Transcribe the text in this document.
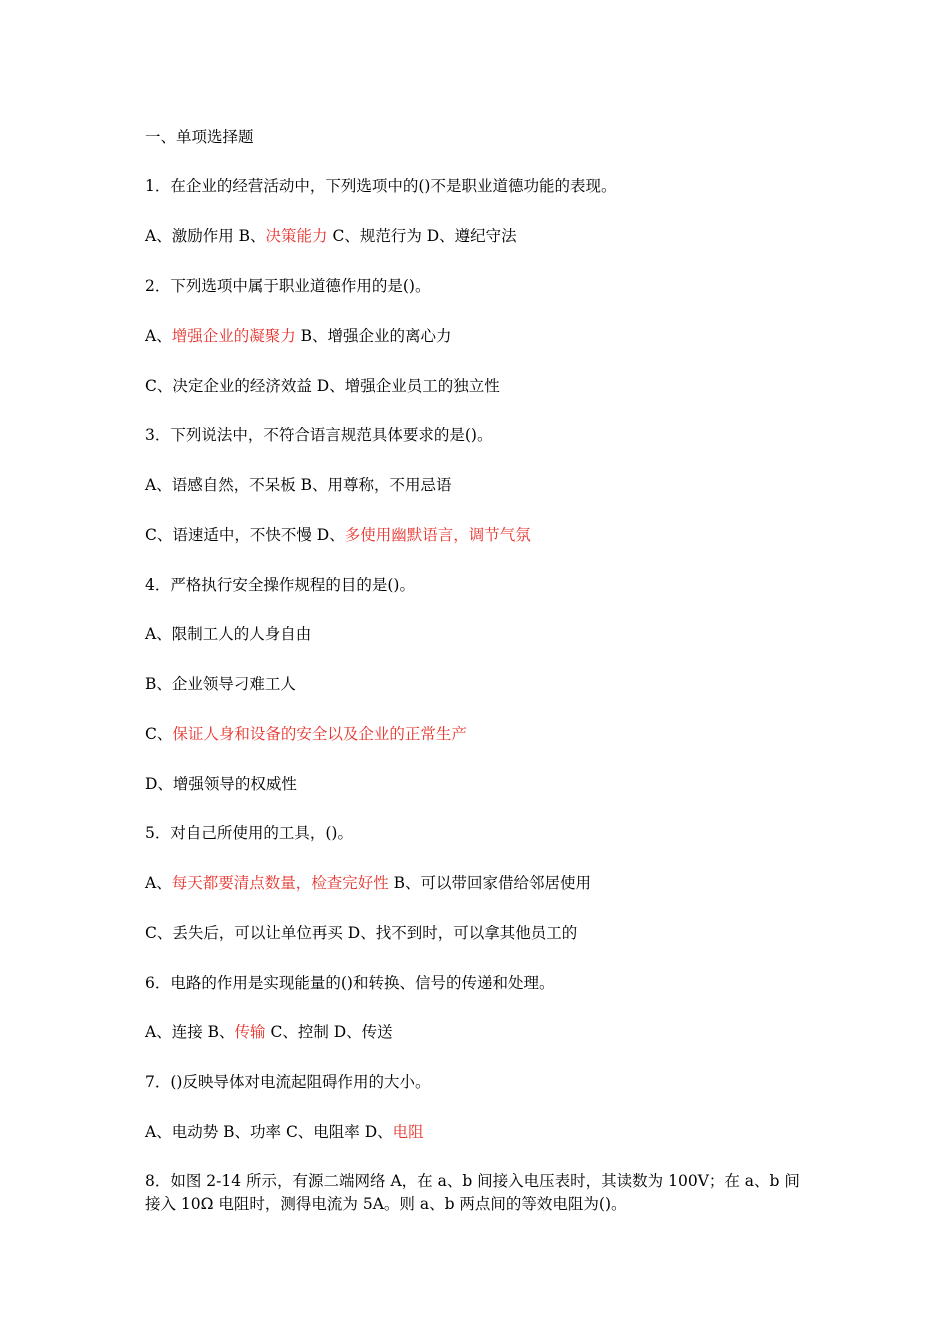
一、单项选择题
1．在企业的经营活动中，下列选项中的()不是职业道德功能的表现。
A、激励作用 B、决策能力 C、规范行为 D、遵纪守法
2．下列选项中属于职业道德作用的是()。
A、增强企业的凝聚力 B、增强企业的离心力
C、决定企业的经济效益 D、增强企业员工的独立性
3．下列说法中，不符合语言规范具体要求的是()。
A、语感自然，不呆板 B、用尊称，不用忌语
C、语速适中，不快不慢 D、多使用幽默语言，调节气氛
4．严格执行安全操作规程的目的是()。
A、限制工人的人身自由
B、企业领导刁难工人
C、保证人身和设备的安全以及企业的正常生产
D、增强领导的权威性
5．对自己所使用的工具，()。
A、每天都要清点数量，检查完好性 B、可以带回家借给邻居使用
C、丢失后，可以让单位再买 D、找不到时，可以拿其他员工的
6．电路的作用是实现能量的()和转换、信号的传递和处理。
A、连接 B、传输 C、控制 D、传送
7．()反映导体对电流起阻碍作用的大小。
A、电动势 B、功率 C、电阻率 D、电阻
8．如图 2-14 所示，有源二端网络 A，在 a、b 间接入电压表时，其读数为 100V；在 a、b 间接入 10Ω 电阻时，测得电流为 5A。则 a、b 两点间的等效电阻为()。
